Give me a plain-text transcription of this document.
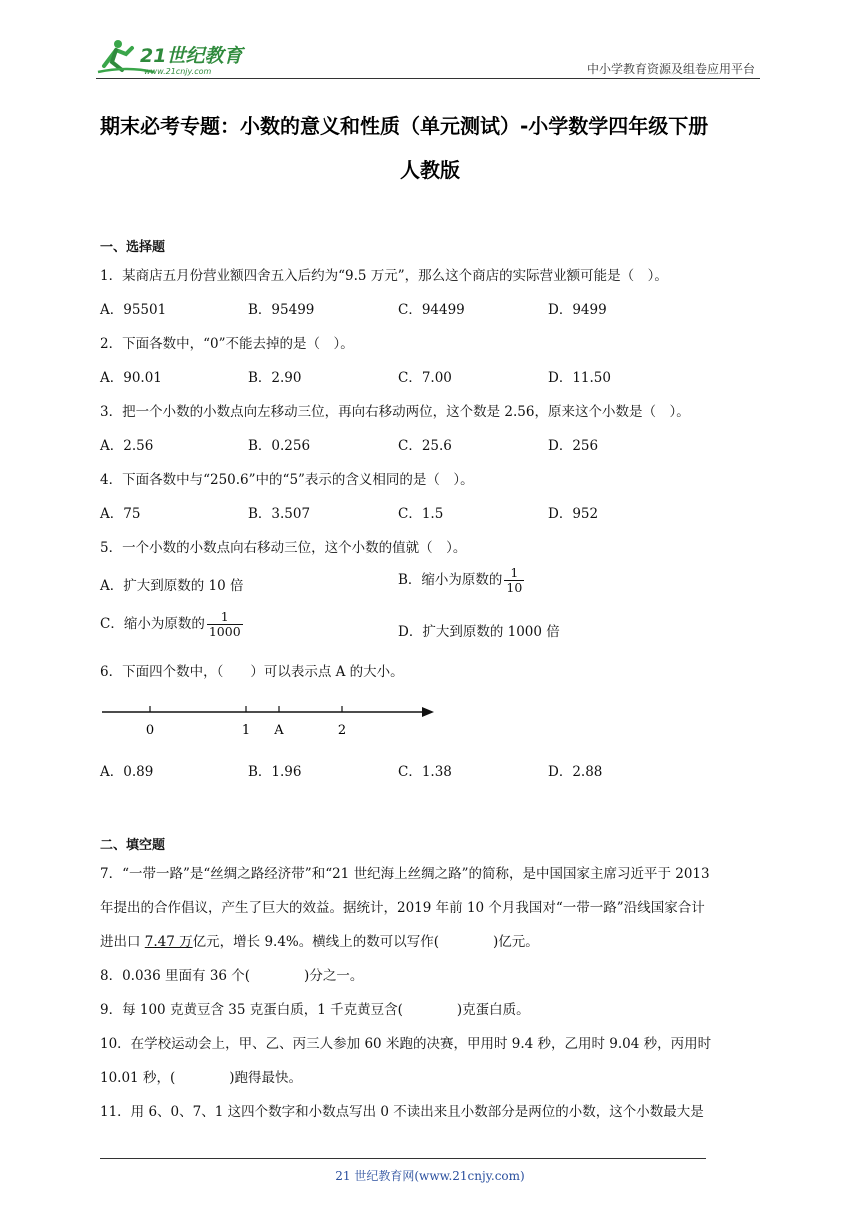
21世纪教育
www.21cnjy.com	中小学教育资源及组卷应用平台
期末必考专题：小数的意义和性质（单元测试）-小学数学四年级下册
人教版
一、选择题
1．某商店五月份营业额四舍五入后约为“9.5 万元”，那么这个商店的实际营业额可能是（　）。
A．95501	B．95499	C．94499	D．9499
2．下面各数中，“0”不能去掉的是（　）。
A．90.01	B．2.90	C．7.00	D．11.50
3．把一个小数的小数点向左移动三位，再向右移动两位，这个数是 2.56，原来这个小数是（　）。
A．2.56	B．0.256	C．25.6	D．256
4．下面各数中与“250.6”中的“5”表示的含义相同的是（　）。
A．75	B．3.507	C．1.5	D．952
5．一个小数的小数点向右移动三位，这个小数的值就（　）。
A．扩大到原数的 10 倍	B．缩小为原数的 $\frac{1}{10}$
C．缩小为原数的 $\frac{1}{1000}$	D．扩大到原数的 1000 倍
6．下面四个数中，（　　）可以表示点 A 的大小。
0	1 A	2
A．0.89	B．1.96	C．1.38	D．2.88
二、填空题
7．“一带一路”是“丝绸之路经济带”和“21 世纪海上丝绸之路”的简称，是中国国家主席习近平于 2013
年提出的合作倡议，产生了巨大的效益。据统计，2019 年前 10 个月我国对“一带一路”沿线国家合计
进出口 7.47 万亿元，增长 9.4%。横线上的数可以写作(　　　　)亿元。
8．0.036 里面有 36 个(　　　　)分之一。
9．每 100 克黄豆含 35 克蛋白质，1 千克黄豆含(　　　　)克蛋白质。
10．在学校运动会上，甲、乙、丙三人参加 60 米跑的决赛，甲用时 9.4 秒，乙用时 9.04 秒，丙用时
10.01 秒，(　　　　)跑得最快。
11．用 6、0、7、1 这四个数字和小数点写出 0 不读出来且小数部分是两位的小数，这个小数最大是
21 世纪教育网(www.21cnjy.com)
